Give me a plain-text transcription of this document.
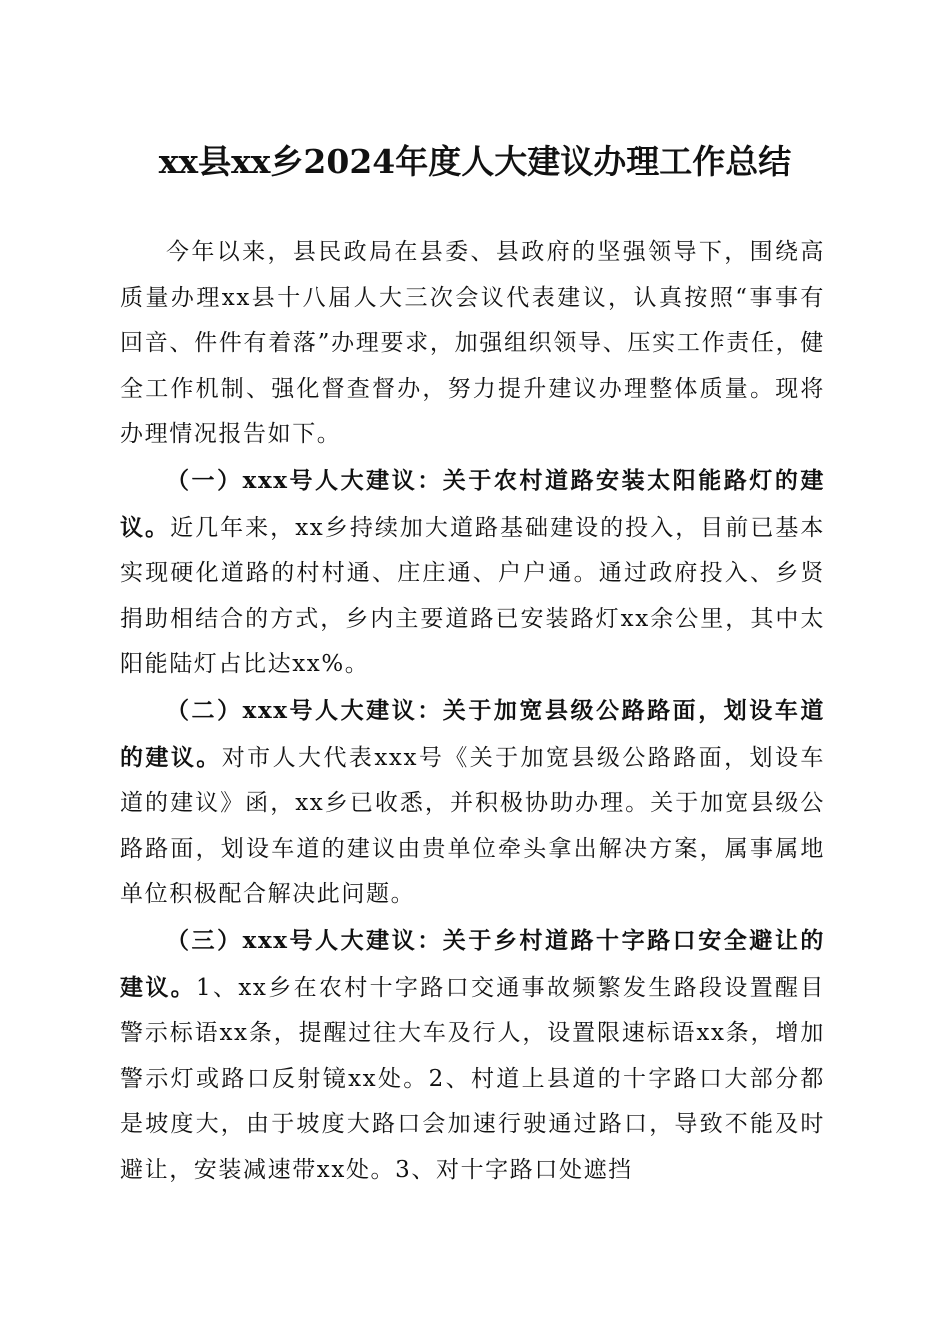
xx县xx乡2024年度人大建议办理工作总结

今年以来，县民政局在县委、县政府的坚强领导下，围绕高质量办理xx县十八届人大三次会议代表建议，认真按照“事事有回音、件件有着落”办理要求，加强组织领导、压实工作责任，健全工作机制、强化督查督办，努力提升建议办理整体质量。现将办理情况报告如下。

（一）xxx号人大建议：关于农村道路安装太阳能路灯的建议。近几年来，xx乡持续加大道路基础建设的投入，目前已基本实现硬化道路的村村通、庄庄通、户户通。通过政府投入、乡贤捐助相结合的方式，乡内主要道路已安装路灯xx余公里，其中太阳能陆灯占比达xx%。

（二）xxx号人大建议：关于加宽县级公路路面，划设车道的建议。对市人大代表xxx号《关于加宽县级公路路面，划设车道的建议》函，xx乡已收悉，并积极协助办理。关于加宽县级公路路面，划设车道的建议由贵单位牵头拿出解决方案，属事属地单位积极配合解决此问题。

（三）xxx号人大建议：关于乡村道路十字路口安全避让的建议。1、xx乡在农村十字路口交通事故频繁发生路段设置醒目警示标语xx条，提醒过往大车及行人，设置限速标语xx条，增加警示灯或路口反射镜xx处。2、村道上县道的十字路口大部分都是坡度大，由于坡度大路口会加速行驶通过路口，导致不能及时避让，安装减速带xx处。3、对十字路口处遮挡
